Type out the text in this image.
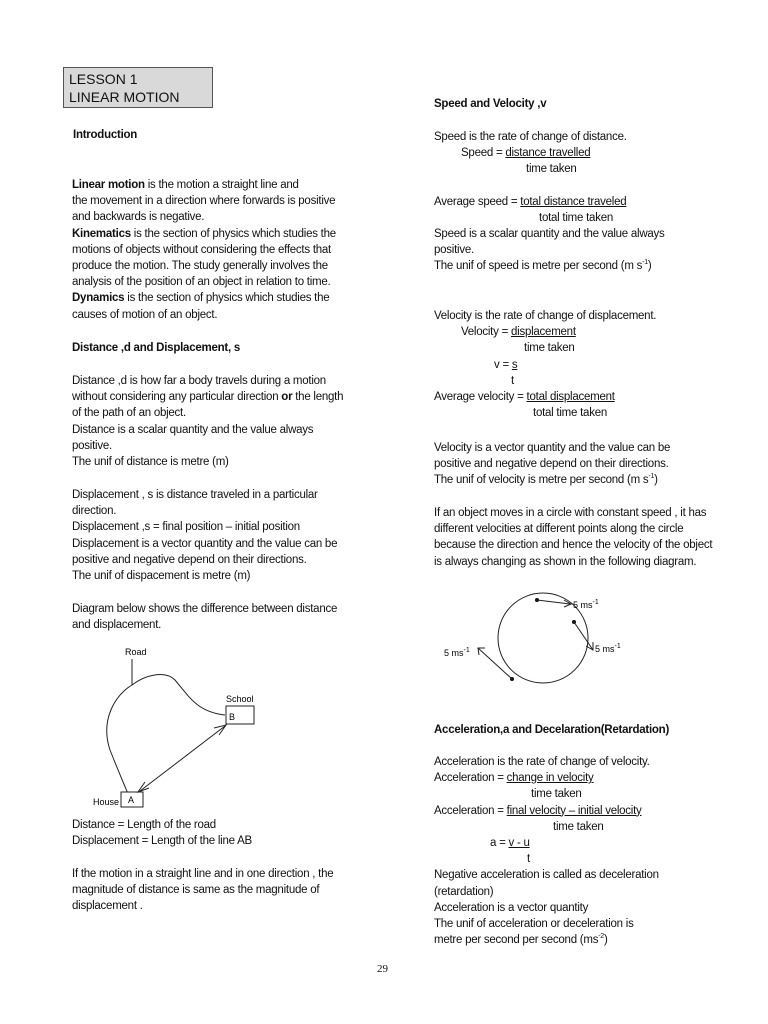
LESSON 1
LINEAR MOTION
Introduction
Linear motion is the motion a straight line and
the movement in a direction where forwards is positive
and backwards is negative.
Kinematics is the section of physics which studies the
motions of objects without considering the effects that
produce the motion. The study generally involves the
analysis of the position of an object in relation to time.
Dynamics is the section of physics which studies the
causes of motion of an object.
Distance ,d and Displacement, s
Distance ,d is how far a body travels during a motion
without considering any particular direction or the length
of the path of an object.
Distance is a scalar quantity and the value always
positive.
The unif of distance is metre (m)
Displacement , s is distance traveled in a particular
direction.
Displacement ,s = final position – initial position
Displacement is a vector quantity and the value can be
positive and negative depend on their directions.
The unif of dispacement is metre (m)
Diagram below shows the difference between distance
and displacement.
Road
School
B
House A
Distance = Length of the road
Displacement = Length of the line AB
If the motion in a straight line and in one direction , the
magnitude of distance is same as the magnitude of
displacement .
Speed and Velocity ,v
Speed is the rate of change of distance.
Speed = distance travelled
time taken
Average speed = total distance traveled
total time taken
Speed is a scalar quantity and the value always
positive.
The unif of speed is metre per second (m $s^{-1}$)
Velocity is the rate of change of displacement.
Velocity = displacement
time taken
v = s
t
Average velocity = total displacement
total time taken
Velocity is a vector quantity and the value can be
positive and negative depend on their directions.
The unif of velocity is metre per second (m $s^{-1}$)
If an object moves in a circle with constant speed , it has
different velocities at different points along the circle
because the direction and hence the velocity of the object
is always changing as shown in the following diagram.
5 $ms^{-1}$
5 $ms^{-1}$
5 $ms^{-1}$
Acceleration,a and Decelaration(Retardation)
Acceleration is the rate of change of velocity.
Acceleration = change in velocity
time taken
Acceleration = final velocity – initial velocity
time taken
a = v - u
t
Negative acceleration is called as deceleration
(retardation)
Acceleration is a vector quantity
The unif of acceleration or deceleration is
metre per second per second $(ms^{-2})$
29
